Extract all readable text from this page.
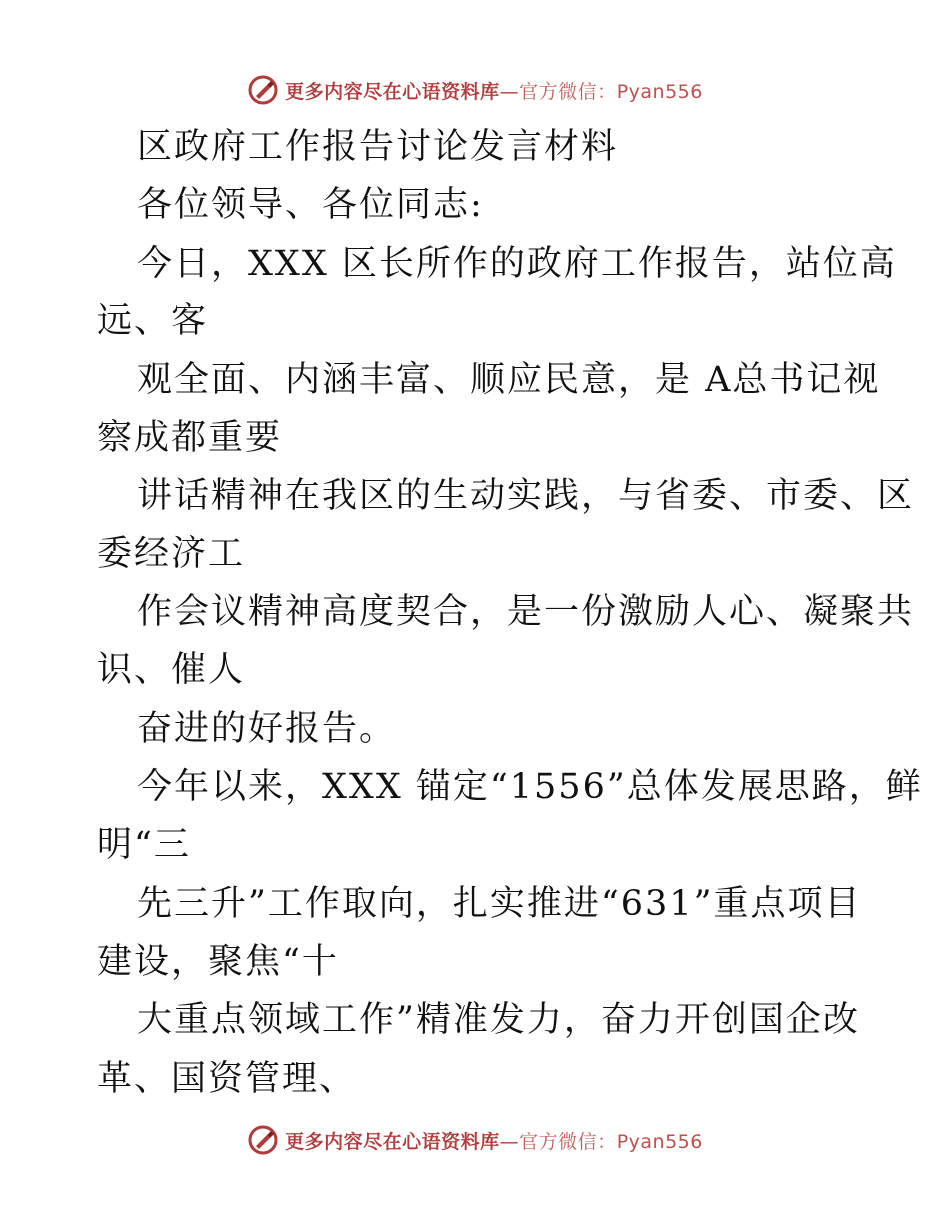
更多内容尽在心语资料库—官方微信：Pyan556
区政府工作报告讨论发言材料
各位领导、各位同志:
今日，XXX 区长所作的政府工作报告，站位高
远、客
观全面、内涵丰富、顺应民意，是 A总书记视
察成都重要
讲话精神在我区的生动实践，与省委、市委、区
委经济工
作会议精神高度契合，是一份激励人心、凝聚共
识、催人
奋进的好报告。
今年以来，XXX 锚定“1556”总体发展思路，鲜
明“三
先三升”工作取向，扎实推进“631”重点项目
建设，聚焦“十
大重点领域工作”精准发力，奋力开创国企改
革、国资管理、
更多内容尽在心语资料库—官方微信：Pyan556
